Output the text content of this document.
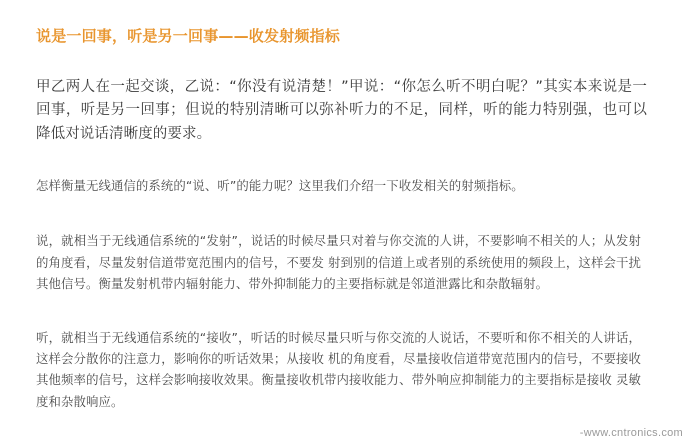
说是一回事，听是另一回事——收发射频指标

甲乙两人在一起交谈，乙说：“你没有说清楚！”甲说：“你怎么听不明白呢？”其实本来说是一回事，听是另一回事；但说的特别清晰可以弥补听力的不足，同样，听的能力特别强，也可以降低对说话清晰度的要求。

怎样衡量无线通信的系统的“说、听”的能力呢？这里我们介绍一下收发相关的射频指标。

说，就相当于无线通信系统的“发射”，说话的时候尽量只对着与你交流的人讲，不要影响不相关的人；从发射的角度看，尽量发射信道带宽范围内的信号，不要发 射到别的信道上或者别的系统使用的频段上，这样会干扰其他信号。衡量发射机带内辐射能力、带外抑制能力的主要指标就是邻道泄露比和杂散辐射。

听，就相当于无线通信系统的“接收”，听话的时候尽量只听与你交流的人说话，不要听和你不相关的人讲话，这样会分散你的注意力，影响你的听话效果；从接收 机的角度看，尽量接收信道带宽范围内的信号，不要接收其他频率的信号，这样会影响接收效果。衡量接收机带内接收能力、带外响应抑制能力的主要指标是接收 灵敏度和杂散响应。

-www.cntronics.com
